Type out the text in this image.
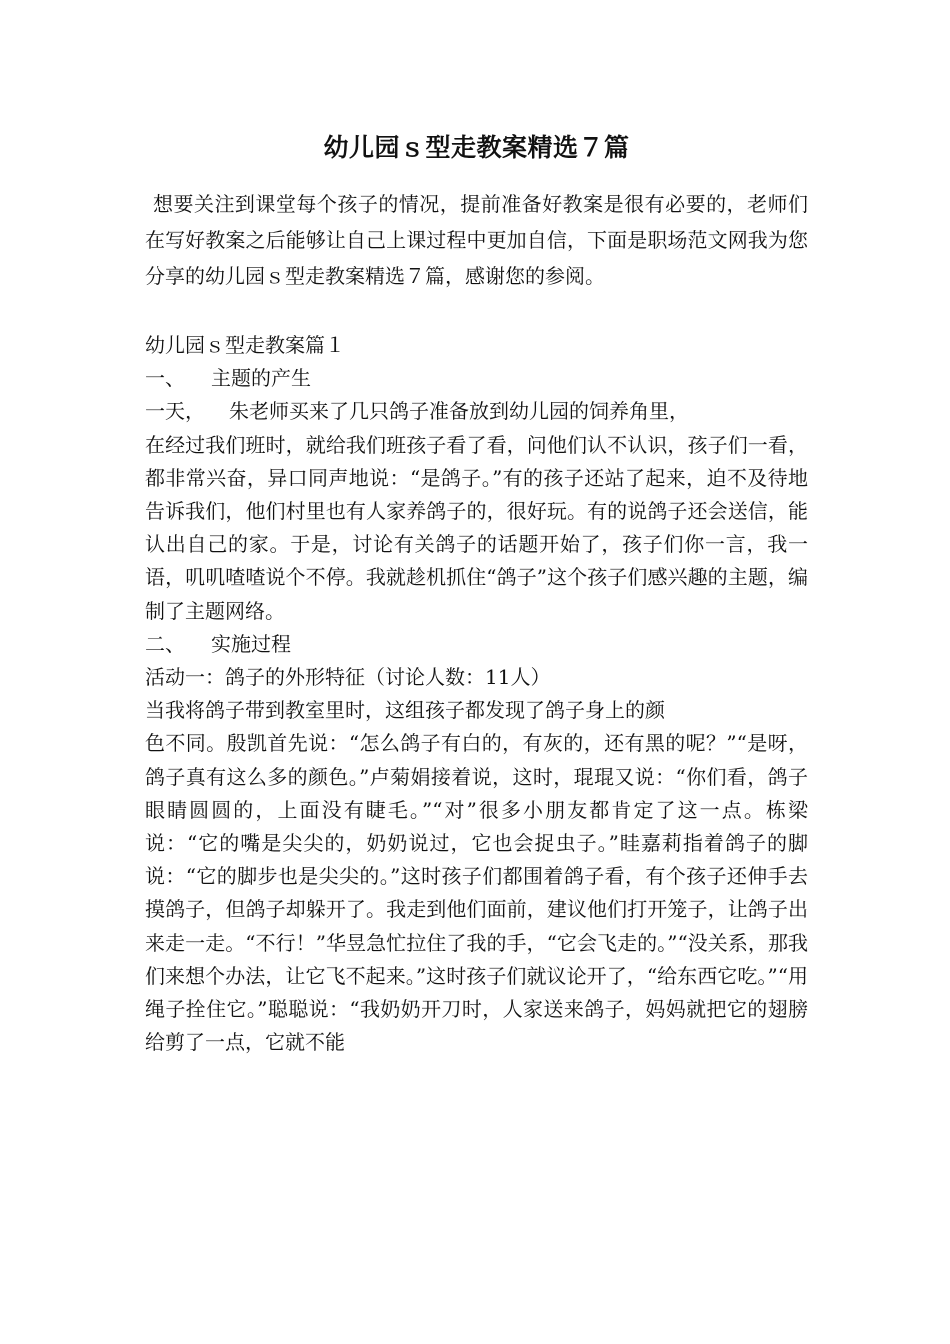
幼儿园ｓ型走教案精选７篇

想要关注到课堂每个孩子的情况，提前准备好教案是很有必要的，老师们在写好教案之后能够让自己上课过程中更加自信，下面是职场范文网我为您分享的幼儿园ｓ型走教案精选７篇，感谢您的参阅。

幼儿园ｓ型走教案篇１
一、 主题的产生
一天， 朱老师买来了几只鸽子准备放到幼儿园的饲养角里，

在经过我们班时，就给我们班孩子看了看，问他们认不认识，孩子们一看，都非常兴奋，异口同声地说：“是鸽子。”有的孩子还站了起来，迫不及待地告诉我们，他们村里也有人家养鸽子的，很好玩。有的说鸽子还会送信，能认出自己的家。于是，讨论有关鸽子的话题开始了，孩子们你一言，我一语，叽叽喳喳说个不停。我就趁机抓住“鸽子”这个孩子们感兴趣的主题，编制了主题网络。

二、 实施过程
活动一：鸽子的外形特征（讨论人数：11人）
当我将鸽子带到教室里时，这组孩子都发现了鸽子身上的颜

色不同。殷凯首先说：“怎么鸽子有白的，有灰的，还有黑的呢？”“是呀，鸽子真有这么多的颜色。”卢菊娟接着说，这时，琨琨又说：“你们看，鸽子眼睛圆圆的，上面没有睫毛。”“对”很多小朋友都肯定了这一点。栋梁说：“它的嘴是尖尖的，奶奶说过，它也会捉虫子。”眭嘉莉指着鸽子的脚说：“它的脚步也是尖尖的。”这时孩子们都围着鸽子看，有个孩子还伸手去摸鸽子，但鸽子却躲开了。我走到他们面前，建议他们打开笼子，让鸽子出来走一走。“不行！”华昱急忙拉住了我的手，“它会飞走的。”“没关系，那我们来想个办法，让它飞不起来。”这时孩子们就议论开了，“给东西它吃。”“用绳子拴住它。”聪聪说：“我奶奶开刀时，人家送来鸽子，妈妈就把它的翅膀给剪了一点，它就不能
